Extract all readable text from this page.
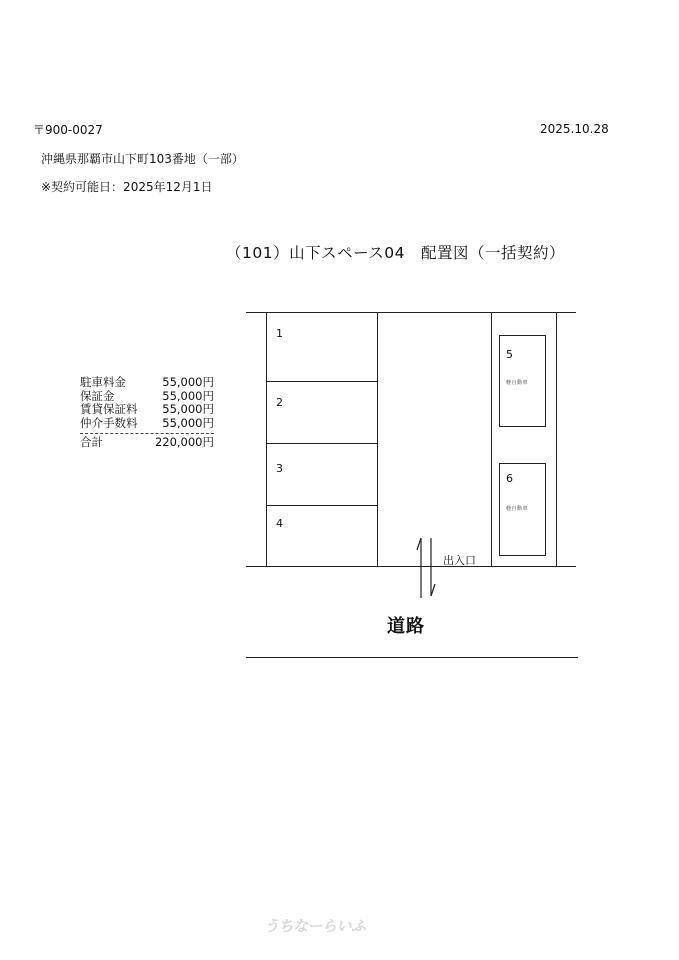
〒900-0027	2025.10.28
沖縄県那覇市山下町103番地（一部）
※契約可能日：2025年12月1日
（101）山下スペース04　配置図（一括契約）
駐車料金	55,000円
保証金	55,000円
賃貸保証料 55,000円
仲介手数料 55,000円
合計	220,000円
1
2
3
4
5
軽自動車
6
軽自動車
出入口
道路
うちなーらいふ
